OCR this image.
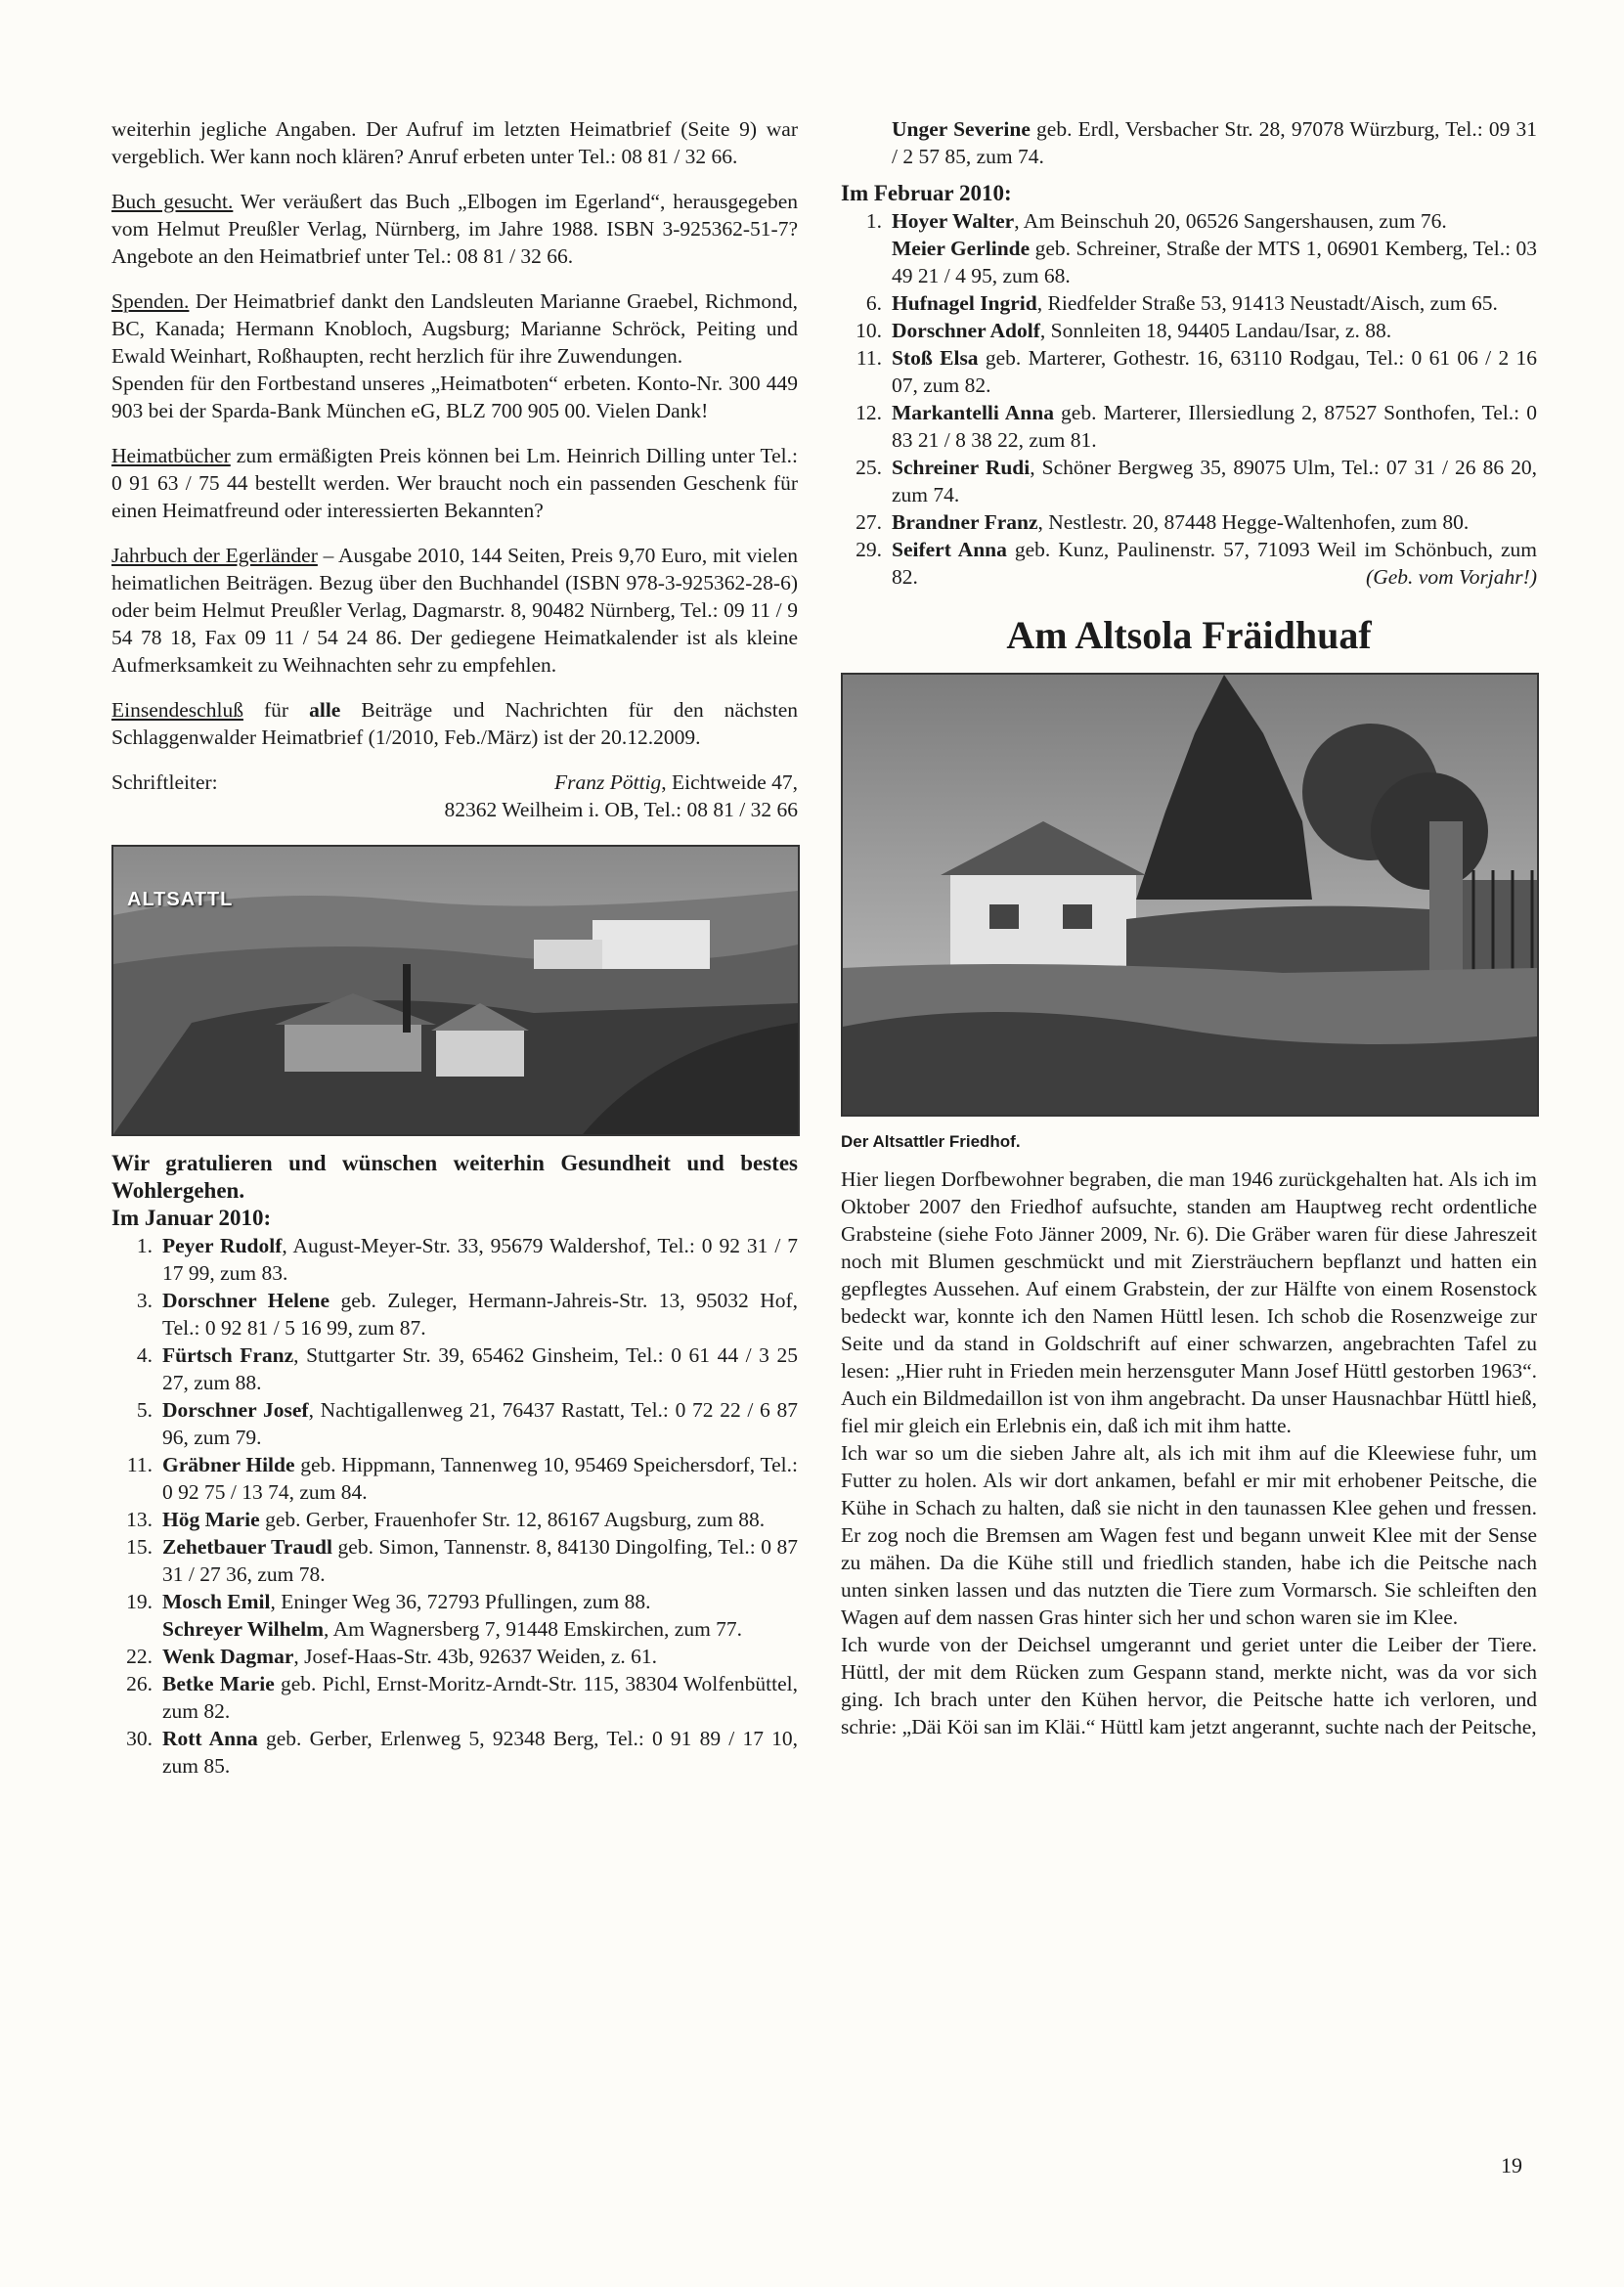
weiterhin jegliche Angaben. Der Aufruf im letzten Heimatbrief (Seite 9) war vergeblich. Wer kann noch klären? Anruf erbeten unter Tel.: 08 81 / 32 66.

Buch gesucht. Wer veräußert das Buch „Elbogen im Egerland“, herausgegeben vom Helmut Preußler Verlag, Nürnberg, im Jahre 1988. ISBN 3-925362-51-7? Angebote an den Heimatbrief unter Tel.: 08 81 / 32 66.

Spenden. Der Heimatbrief dankt den Landsleuten Marianne Graebel, Richmond, BC, Kanada; Hermann Knobloch, Augsburg; Marianne Schröck, Peiting und Ewald Weinhart, Roßhaupten, recht herzlich für ihre Zuwendungen.

Spenden für den Fortbestand unseres „Heimatboten“ erbeten. Konto-Nr. 300 449 903 bei der Sparda-Bank München eG, BLZ 700 905 00. Vielen Dank!

Heimatbücher zum ermäßigten Preis können bei Lm. Heinrich Dilling unter Tel.: 0 91 63 / 75 44 bestellt werden. Wer braucht noch ein passenden Geschenk für einen Heimatfreund oder interessierten Bekannten?

Jahrbuch der Egerländer – Ausgabe 2010, 144 Seiten, Preis 9,70 Euro, mit vielen heimatlichen Beiträgen. Bezug über den Buchhandel (ISBN 978-3-925362-28-6) oder beim Helmut Preußler Verlag, Dagmarstr. 8, 90482 Nürnberg, Tel.: 09 11 / 9 54 78 18, Fax 09 11 / 54 24 86. Der gediegene Heimatkalender ist als kleine Aufmerksamkeit zu Weihnachten sehr zu empfehlen.

Einsendeschluß für alle Beiträge und Nachrichten für den nächsten Schlaggenwalder Heimatbrief (1/2010, Feb./März) ist der 20.12.2009.

Schriftleiter:	Franz Pöttig, Eichtweide 47,
82362 Weilheim i. OB, Tel.: 08 81 / 32 66
ALTSATTL

Wir gratulieren und wünschen weiterhin Gesundheit und bestes Wohlergehen.

Im Januar 2010:

1. Peyer Rudolf, August-Meyer-Str. 33, 95679 Waldershof, Tel.: 0 92 31 / 7 17 99, zum 83.
3. Dorschner Helene geb. Zuleger, Hermann-Jahreis-Str. 13, 95032 Hof, Tel.: 0 92 81 / 5 16 99, zum 87.
4. Fürtsch Franz, Stuttgarter Str. 39, 65462 Ginsheim, Tel.: 0 61 44 / 3 25 27, zum 88.
5. Dorschner Josef, Nachtigallenweg 21, 76437 Rastatt, Tel.: 0 72 22 / 6 87 96, zum 79.
11. Gräbner Hilde geb. Hippmann, Tannenweg 10, 95469 Speichersdorf, Tel.: 0 92 75 / 13 74, zum 84.
13. Hög Marie geb. Gerber, Frauenhofer Str. 12, 86167 Augsburg, zum 88.
15. Zehetbauer Traudl geb. Simon, Tannenstr. 8, 84130 Dingolfing, Tel.: 0 87 31 / 27 36, zum 78.
19. Mosch Emil, Eninger Weg 36, 72793 Pfullingen, zum 88.
Schreyer Wilhelm, Am Wagnersberg 7, 91448 Emskirchen, zum 77.
22. Wenk Dagmar, Josef-Haas-Str. 43b, 92637 Weiden, z. 61.
26. Betke Marie geb. Pichl, Ernst-Moritz-Arndt-Str. 115, 38304 Wolfenbüttel, zum 82.
30. Rott Anna geb. Gerber, Erlenweg 5, 92348 Berg, Tel.: 0 91 89 / 17 10, zum 85.

Unger Severine geb. Erdl, Versbacher Str. 28, 97078 Würzburg, Tel.: 09 31 / 2 57 85, zum 74.

Im Februar 2010:

1. Hoyer Walter, Am Beinschuh 20, 06526 Sangershausen, zum 76.
Meier Gerlinde geb. Schreiner, Straße der MTS 1, 06901 Kemberg, Tel.: 03 49 21 / 4 95, zum 68.
6. Hufnagel Ingrid, Riedfelder Straße 53, 91413 Neustadt/Aisch, zum 65.
10. Dorschner Adolf, Sonnleiten 18, 94405 Landau/Isar, z. 88.
11. Stoß Elsa geb. Marterer, Gothestr. 16, 63110 Rodgau, Tel.: 0 61 06 / 2 16 07, zum 82.
12. Markantelli Anna geb. Marterer, Illersiedlung 2, 87527 Sonthofen, Tel.: 0 83 21 / 8 38 22, zum 81.
25. Schreiner Rudi, Schöner Bergweg 35, 89075 Ulm, Tel.: 07 31 / 26 86 20, zum 74.
27. Brandner Franz, Nestlestr. 20, 87448 Hegge-Waltenhofen, zum 80.
29. Seifert Anna geb. Kunz, Paulinenstr. 57, 71093 Weil im Schönbuch, zum 82.	(Geb. vom Vorjahr!)
Am Altsola Fräidhuaf
Der Altsattler Friedhof.

Hier liegen Dorfbewohner begraben, die man 1946 zurückgehalten hat. Als ich im Oktober 2007 den Friedhof aufsuchte, standen am Hauptweg recht ordentliche Grabsteine (siehe Foto Jänner 2009, Nr. 6). Die Gräber waren für diese Jahreszeit noch mit Blumen geschmückt und mit Ziersträuchern bepflanzt und hatten ein gepflegtes Aussehen. Auf einem Grabstein, der zur Hälfte von einem Rosenstock bedeckt war, konnte ich den Namen Hüttl lesen. Ich schob die Rosenzweige zur Seite und da stand in Goldschrift auf einer schwarzen, angebrachten Tafel zu lesen: „Hier ruht in Frieden mein herzensguter Mann Josef Hüttl gestorben 1963“. Auch ein Bildmedaillon ist von ihm angebracht. Da unser Hausnachbar Hüttl hieß, fiel mir gleich ein Erlebnis ein, daß ich mit ihm hatte.

Ich war so um die sieben Jahre alt, als ich mit ihm auf die Kleewiese fuhr, um Futter zu holen. Als wir dort ankamen, befahl er mir mit erhobener Peitsche, die Kühe in Schach zu halten, daß sie nicht in den taunassen Klee gehen und fressen. Er zog noch die Bremsen am Wagen fest und begann unweit Klee mit der Sense zu mähen. Da die Kühe still und friedlich standen, habe ich die Peitsche nach unten sinken lassen und das nutzten die Tiere zum Vormarsch. Sie schleiften den Wagen auf dem nassen Gras hinter sich her und schon waren sie im Klee.

Ich wurde von der Deichsel umgerannt und geriet unter die Leiber der Tiere. Hüttl, der mit dem Rücken zum Gespann stand, merkte nicht, was da vor sich ging. Ich brach unter den Kühen hervor, die Peitsche hatte ich verloren, und schrie: „Däi Köi san im Kläi.“ Hüttl kam jetzt angerannt, suchte nach der Peitsche,

19
